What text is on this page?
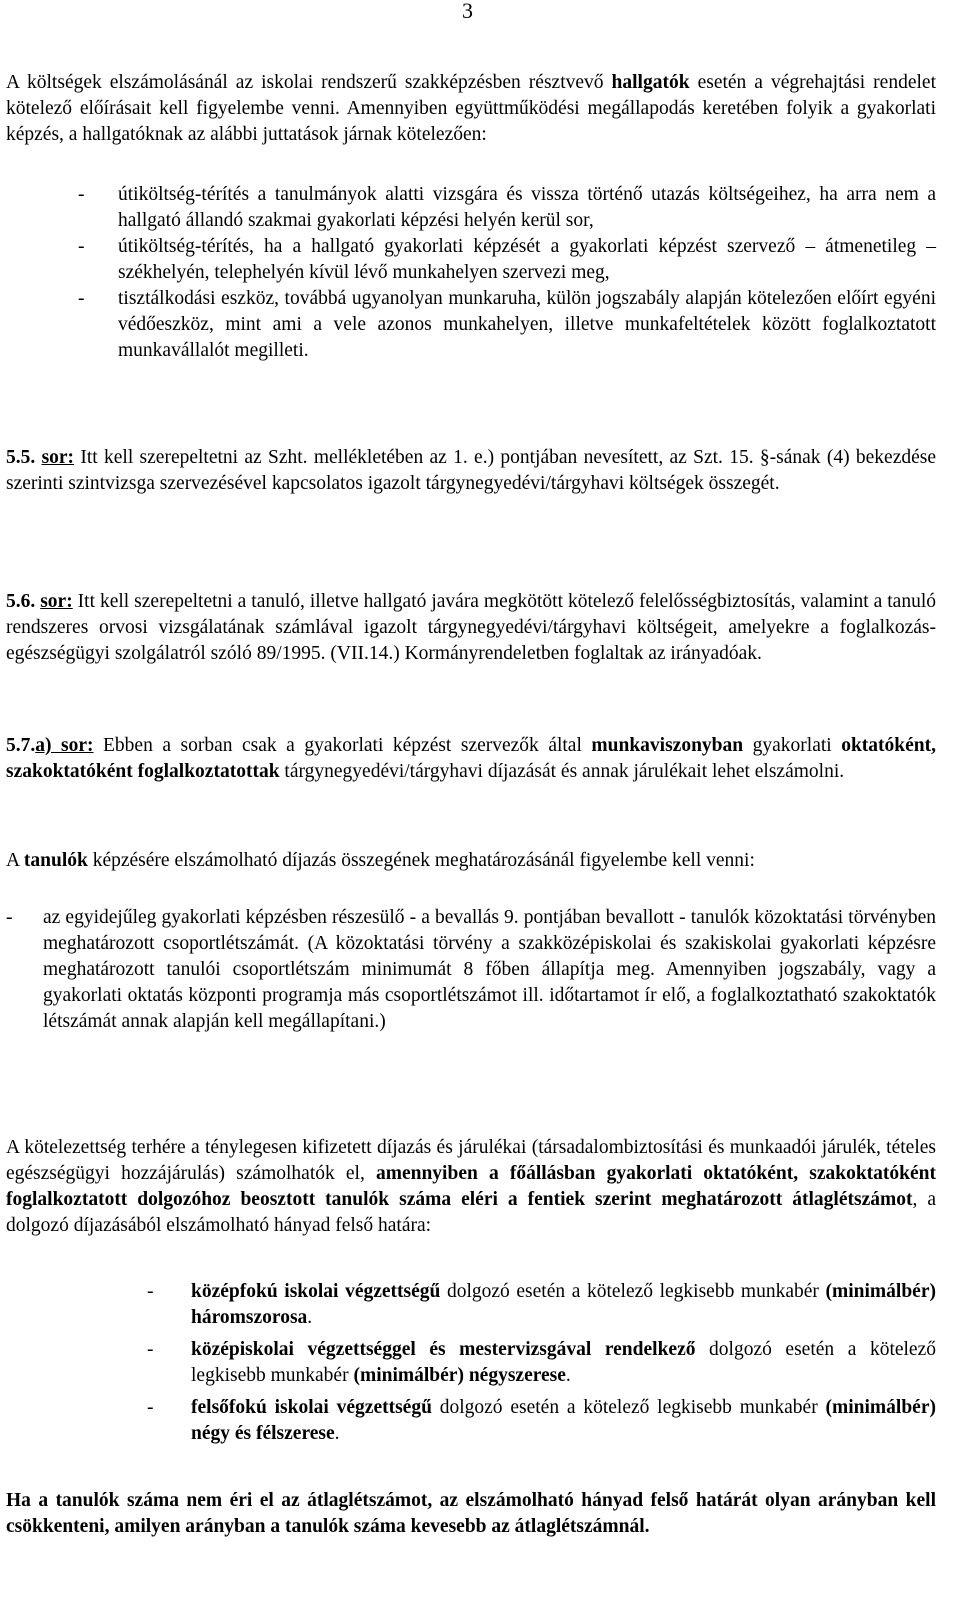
3

A költségek elszámolásánál az iskolai rendszerű szakképzésben résztvevő hallgatók esetén a végrehajtási rendelet kötelező előírásait kell figyelembe venni. Amennyiben együttműködési megállapodás keretében folyik a gyakorlati képzés, a hallgatóknak az alábbi juttatások járnak kötelezően:

- útiköltség-térítés a tanulmányok alatti vizsgára és vissza történő utazás költségeihez, ha arra nem a hallgató állandó szakmai gyakorlati képzési helyén kerül sor,
- útiköltség-térítés, ha a hallgató gyakorlati képzését a gyakorlati képzést szervező – átmenetileg – székhelyén, telephelyén kívül lévő munkahelyen szervezi meg,
- tisztálkodási eszköz, továbbá ugyanolyan munkaruha, külön jogszabály alapján kötelezően előírt egyéni védőeszköz, mint ami a vele azonos munkahelyen, illetve munkafeltételek között foglalkoztatott munkavállalót megilleti.

5.5. sor: Itt kell szerepeltetni az Szht. mellékletében az 1. e.) pontjában nevesített, az Szt. 15. §-sának (4) bekezdése szerinti szintvizsga szervezésével kapcsolatos igazolt tárgynegyedévi/tárgyhavi költségek összegét.

5.6. sor: Itt kell szerepeltetni a tanuló, illetve hallgató javára megkötött kötelező felelősségbiztosítás, valamint a tanuló rendszeres orvosi vizsgálatának számlával igazolt tárgynegyedévi/tárgyhavi költségeit, amelyekre a foglalkozás-egészségügyi szolgálatról szóló 89/1995. (VII.14.) Kormányrendeletben foglaltak az irányadóak.

5.7.a) sor: Ebben a sorban csak a gyakorlati képzést szervezők által munkaviszonyban gyakorlati oktatóként, szakoktatóként foglalkoztatottak tárgynegyedévi/tárgyhavi díjazását és annak járulékait lehet elszámolni.

A tanulók képzésére elszámolható díjazás összegének meghatározásánál figyelembe kell venni:

- az egyidejűleg gyakorlati képzésben részesülő - a bevallás 9. pontjában bevallott - tanulók közoktatási törvényben meghatározott csoportlétszámát. (A közoktatási törvény a szakközépiskolai és szakiskolai gyakorlati képzésre meghatározott tanulói csoportlétszám minimumát 8 főben állapítja meg. Amennyiben jogszabály, vagy a gyakorlati oktatás központi programja más csoportlétszámot ill. időtartamot ír elő, a foglalkoztatható szakoktatók létszámát annak alapján kell megállapítani.)

A kötelezettség terhére a ténylegesen kifizetett díjazás és járulékai (társadalombiztosítási és munkaadói járulék, tételes egészségügyi hozzájárulás) számolhatók el, amennyiben a főállásban gyakorlati oktatóként, szakoktatóként foglalkoztatott dolgozóhoz beosztott tanulók száma eléri a fentiek szerint meghatározott átlaglétszámot, a dolgozó díjazásából elszámolható hányad felső határa:

- középfokú iskolai végzettségű dolgozó esetén a kötelező legkisebb munkabér (minimálbér) háromszorosa.
- középiskolai végzettséggel és mestervizsgával rendelkező dolgozó esetén a kötelező legkisebb munkabér (minimálbér) négyszerese.
- felsőfokú iskolai végzettségű dolgozó esetén a kötelező legkisebb munkabér (minimálbér) négy és félszerese.

Ha a tanulók száma nem éri el az átlaglétszámot, az elszámolható hányad felső határát olyan arányban kell csökkenteni, amilyen arányban a tanulók száma kevesebb az átlaglétszámnál.
